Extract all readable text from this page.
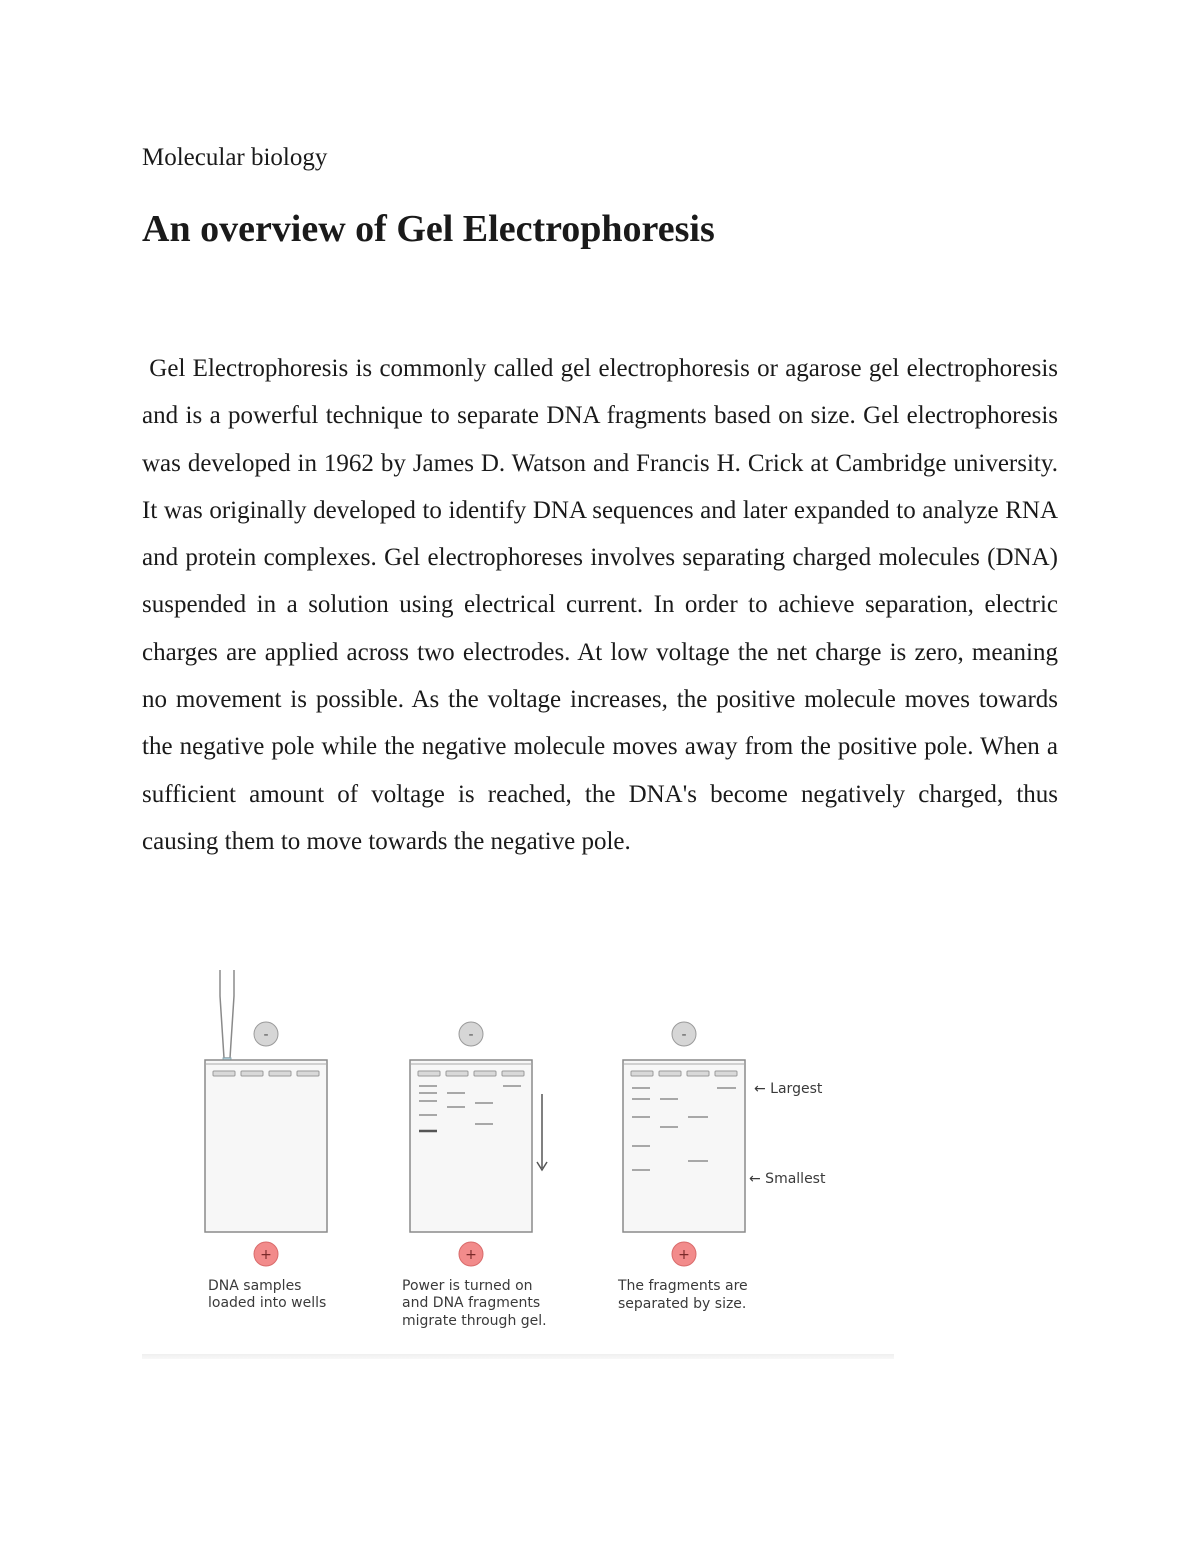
Molecular biology

An overview of Gel Electrophoresis

Gel Electrophoresis is commonly called gel electrophoresis or agarose gel electrophoresis and is a powerful technique to separate DNA fragments based on size. Gel electrophoresis was developed in 1962 by James D. Watson and Francis H. Crick at Cambridge university. It was originally developed to identify DNA sequences and later expanded to analyze RNA and protein complexes. Gel electrophoreses involves separating charged molecules (DNA) suspended in a solution using electrical current. In order to achieve separation, electric charges are applied across two electrodes. At low voltage the net charge is zero, meaning no movement is possible. As the voltage increases, the positive molecule moves towards the negative pole while the negative molecule moves away from the positive pole. When a sufficient amount of voltage is reached, the DNA's become negatively charged, thus causing them to move towards the negative pole.

-
+
DNA samples loaded into wells
-
+
Power is turned on and DNA fragments migrate through gel.
-
+
← Largest
← Smallest
The fragments are separated by size.
